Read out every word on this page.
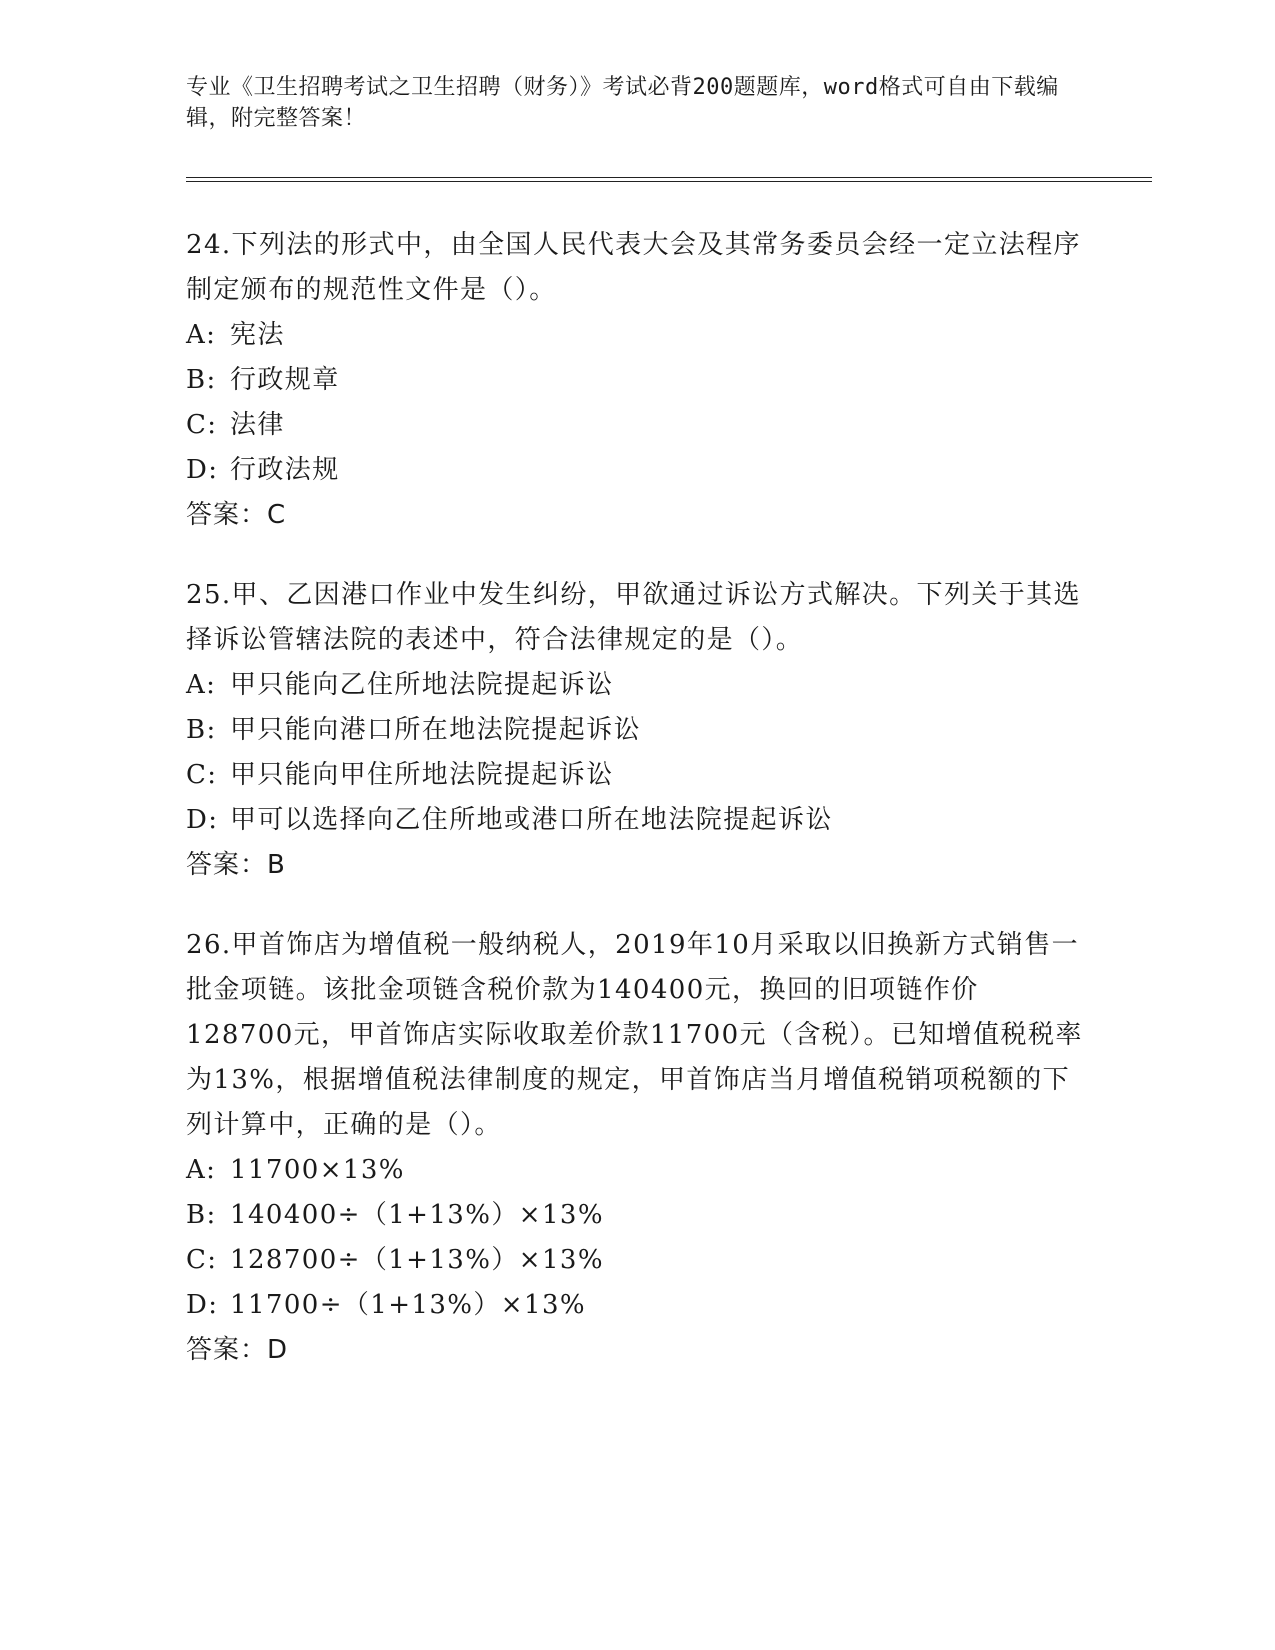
专业《卫生招聘考试之卫生招聘（财务）》考试必背200题题库，word格式可自由下载编辑，附完整答案！

24.下列法的形式中，由全国人民代表大会及其常务委员会经一定立法程序制定颁布的规范性文件是（）。

A: 宪法

B: 行政规章

C: 法律

D: 行政法规

答案：C

25.甲、乙因港口作业中发生纠纷，甲欲通过诉讼方式解决。下列关于其选择诉讼管辖法院的表述中，符合法律规定的是（）。

A: 甲只能向乙住所地法院提起诉讼

B: 甲只能向港口所在地法院提起诉讼

C: 甲只能向甲住所地法院提起诉讼

D: 甲可以选择向乙住所地或港口所在地法院提起诉讼

答案：B

26.甲首饰店为增值税一般纳税人，2019年10月采取以旧换新方式销售一批金项链。该批金项链含税价款为140400元，换回的旧项链作价128700元，甲首饰店实际收取差价款11700元（含税）。已知增值税税率为13%，根据增值税法律制度的规定，甲首饰店当月增值税销项税额的下列计算中，正确的是（）。

A: 11700×13%

B: 140400÷（1+13%）×13%

C: 128700÷（1+13%）×13%

D: 11700÷（1+13%）×13%

答案：D
